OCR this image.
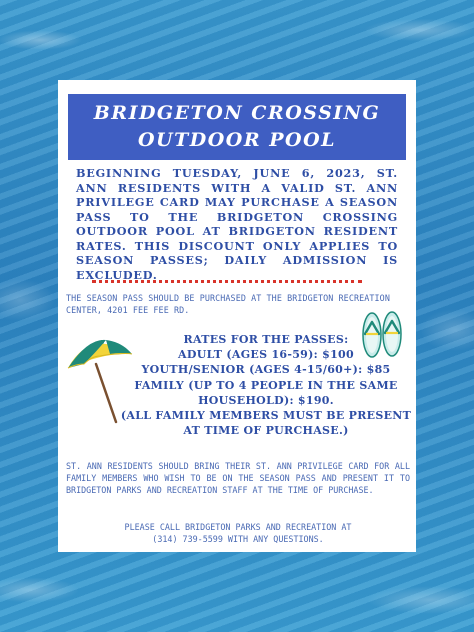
BRIDGETON CROSSING
OUTDOOR POOL
BEGINNING TUESDAY, JUNE 6, 2023, ST. ANN RESIDENTS WITH A VALID ST. ANN PRIVILEGE CARD MAY PURCHASE A SEASON PASS TO THE BRIDGETON CROSSING OUTDOOR POOL AT BRIDGETON RESIDENT RATES. THIS DISCOUNT ONLY APPLIES TO SEASON PASSES; DAILY ADMISSION IS EXCLUDED.
THE SEASON PASS SHOULD BE PURCHASED AT THE BRIDGETON RECREATION CENTER, 4201 FEE FEE RD.
RATES FOR THE PASSES:
ADULT (AGES 16-59): $100
YOUTH/SENIOR (AGES 4-15/60+): $85
FAMILY (UP TO 4 PEOPLE IN THE SAME
HOUSEHOLD): $190.
(ALL FAMILY MEMBERS MUST BE PRESENT
AT TIME OF PURCHASE.)
ST. ANN RESIDENTS SHOULD BRING THEIR ST. ANN PRIVILEGE CARD FOR ALL FAMILY MEMBERS WHO WISH TO BE ON THE SEASON PASS AND PRESENT IT TO BRIDGETON PARKS AND RECREATION STAFF AT THE TIME OF PURCHASE.
PLEASE CALL BRIDGETON PARKS AND RECREATION AT
(314) 739-5599 WITH ANY QUESTIONS.
